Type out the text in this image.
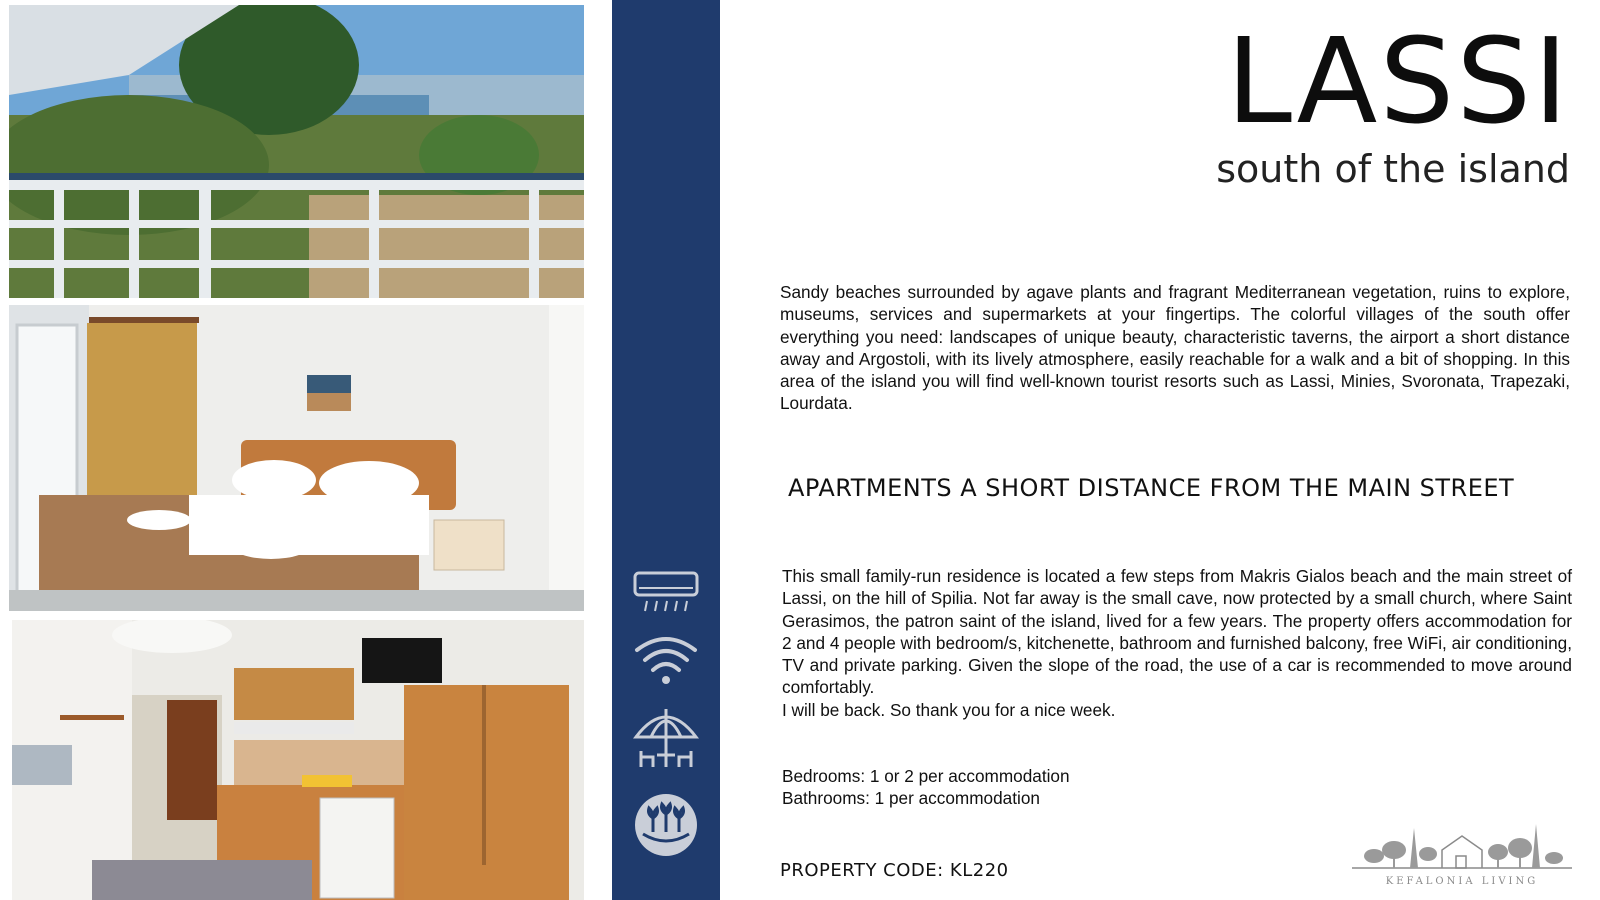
LASSI
south of the island
Sandy beaches surrounded by agave plants and fragrant Mediterranean vegetation, ruins to explore, museums, services and supermarkets at your fingertips. The colorful villages of the south offer everything you need: landscapes of unique beauty, characteristic taverns, the airport a short distance away and Argostoli, with its lively atmosphere, easily reachable for a walk and a bit of shopping. In this area of the island you will find well-known tourist resorts such as Lassi, Minies, Svoronata, Trapezaki, Lourdata.
APARTMENTS A SHORT DISTANCE FROM THE MAIN STREET
This small family-run residence is located a few steps from Makris Gialos beach and the main street of Lassi, on the hill of Spilia. Not far away is the small cave, now protected by a small church, where Saint Gerasimos, the patron saint of the island, lived for a few years. The property offers accommodation for 2 and 4 people with bedroom/s, kitchenette, bathroom and furnished balcony, free WiFi, air conditioning, TV and private parking. Given the slope of the road, the use of a car is recommended to move around comfortably.
I will be back. So thank you for a nice week.
Bedrooms: 1 or 2 per accommodation
Bathrooms: 1 per accommodation
PROPERTY CODE: KL220
KEFALONIA LIVING
